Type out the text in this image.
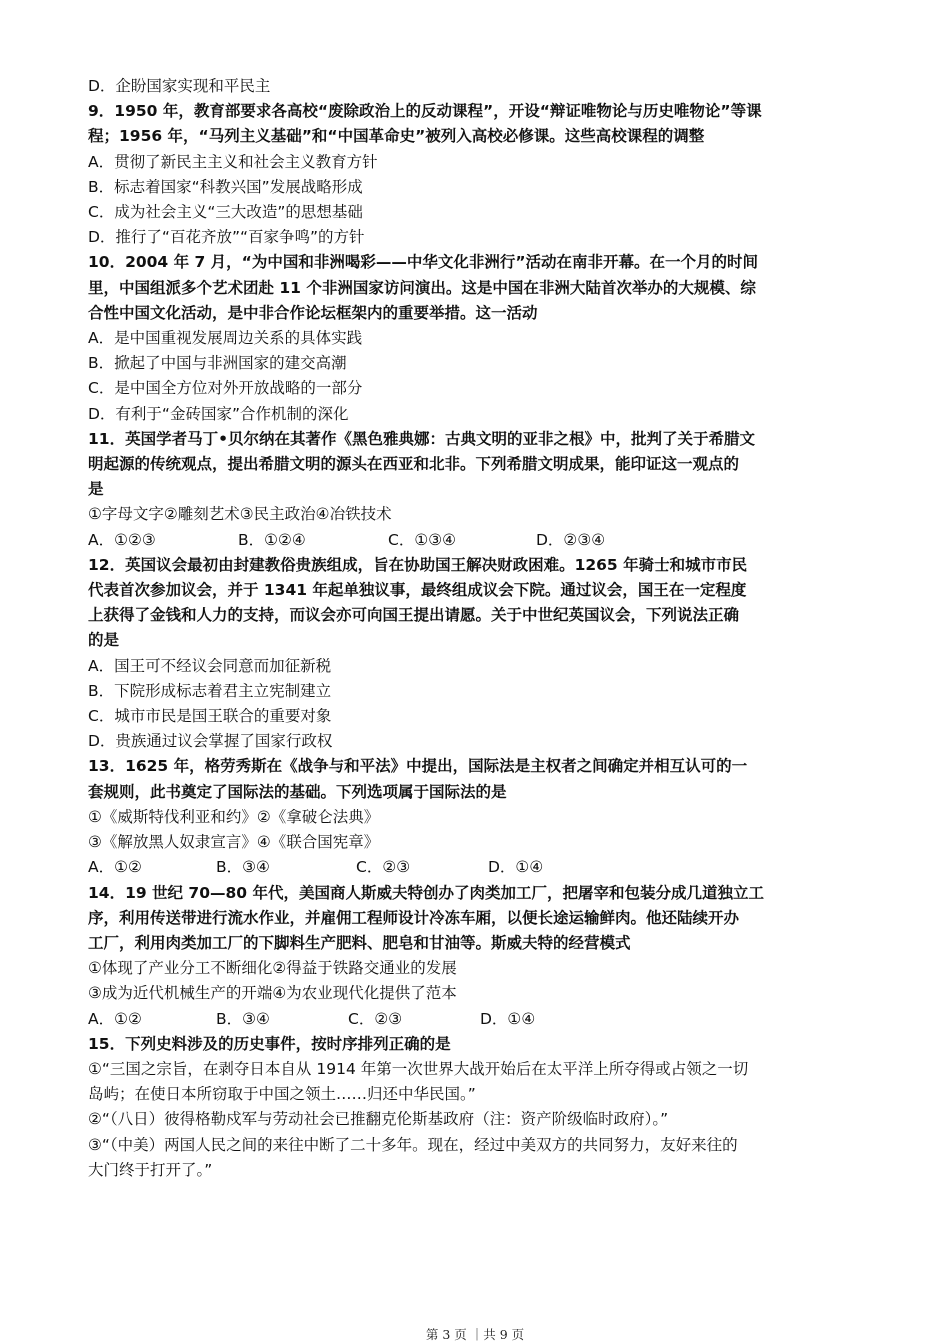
D．企盼国家实现和平民主
9．1950 年，教育部要求各高校“废除政治上的反动课程”，开设“辩证唯物论与历史唯物论”等课
程；1956 年，“马列主义基础”和“中国革命史”被列入高校必修课。这些高校课程的调整
A．贯彻了新民主主义和社会主义教育方针
B．标志着国家“科教兴国”发展战略形成
C．成为社会主义“三大改造”的思想基础
D．推行了“百花齐放”“百家争鸣”的方针
10．2004 年 7 月，“为中国和非洲喝彩——中华文化非洲行”活动在南非开幕。在一个月的时间
里，中国组派多个艺术团赴 11 个非洲国家访问演出。这是中国在非洲大陆首次举办的大规模、综
合性中国文化活动，是中非合作论坛框架内的重要举措。这一活动
A．是中国重视发展周边关系的具体实践
B．掀起了中国与非洲国家的建交高潮
C．是中国全方位对外开放战略的一部分
D．有利于“金砖国家”合作机制的深化
11．英国学者马丁•贝尔纳在其著作《黑色雅典娜：古典文明的亚非之根》中，批判了关于希腊文
明起源的传统观点，提出希腊文明的源头在西亚和北非。下列希腊文明成果，能印证这一观点的
是
①字母文字②雕刻艺术③民主政治④冶铁技术
A．①②③	B．①②④	C．①③④	D．②③④
12．英国议会最初由封建教俗贵族组成，旨在协助国王解决财政困难。1265 年骑士和城市市民
代表首次参加议会，并于 1341 年起单独议事，最终组成议会下院。通过议会，国王在一定程度
上获得了金钱和人力的支持，而议会亦可向国王提出请愿。关于中世纪英国议会，下列说法正确
的是
A．国王可不经议会同意而加征新税
B．下院形成标志着君主立宪制建立
C．城市市民是国王联合的重要对象
D．贵族通过议会掌握了国家行政权
13．1625 年，格劳秀斯在《战争与和平法》中提出，国际法是主权者之间确定并相互认可的一
套规则，此书奠定了国际法的基础。下列选项属于国际法的是
①《威斯特伐利亚和约》②《拿破仑法典》
③《解放黑人奴隶宣言》④《联合国宪章》
A．①②	B．③④	C．②③	D．①④
14．19 世纪 70—80 年代，美国商人斯威夫特创办了肉类加工厂，把屠宰和包装分成几道独立工
序，利用传送带进行流水作业，并雇佣工程师设计冷冻车厢，以便长途运输鲜肉。他还陆续开办
工厂，利用肉类加工厂的下脚料生产肥料、肥皂和甘油等。斯威夫特的经营模式
①体现了产业分工不断细化②得益于铁路交通业的发展
③成为近代机械生产的开端④为农业现代化提供了范本
A．①②	B．③④	C．②③	D．①④
15．下列史料涉及的历史事件，按时序排列正确的是
①“三国之宗旨，在剥夺日本自从 1914 年第一次世界大战开始后在太平洋上所夺得或占领之一切
岛屿；在使日本所窃取于中国之领土……归还中华民国。”
②“（八日）彼得格勒戍军与劳动社会已推翻克伦斯基政府（注：资产阶级临时政府）。”
③“（中美）两国人民之间的来往中断了二十多年。现在，经过中美双方的共同努力，友好来往的
大门终于打开了。”
第 3 页 ｜共 9 页
